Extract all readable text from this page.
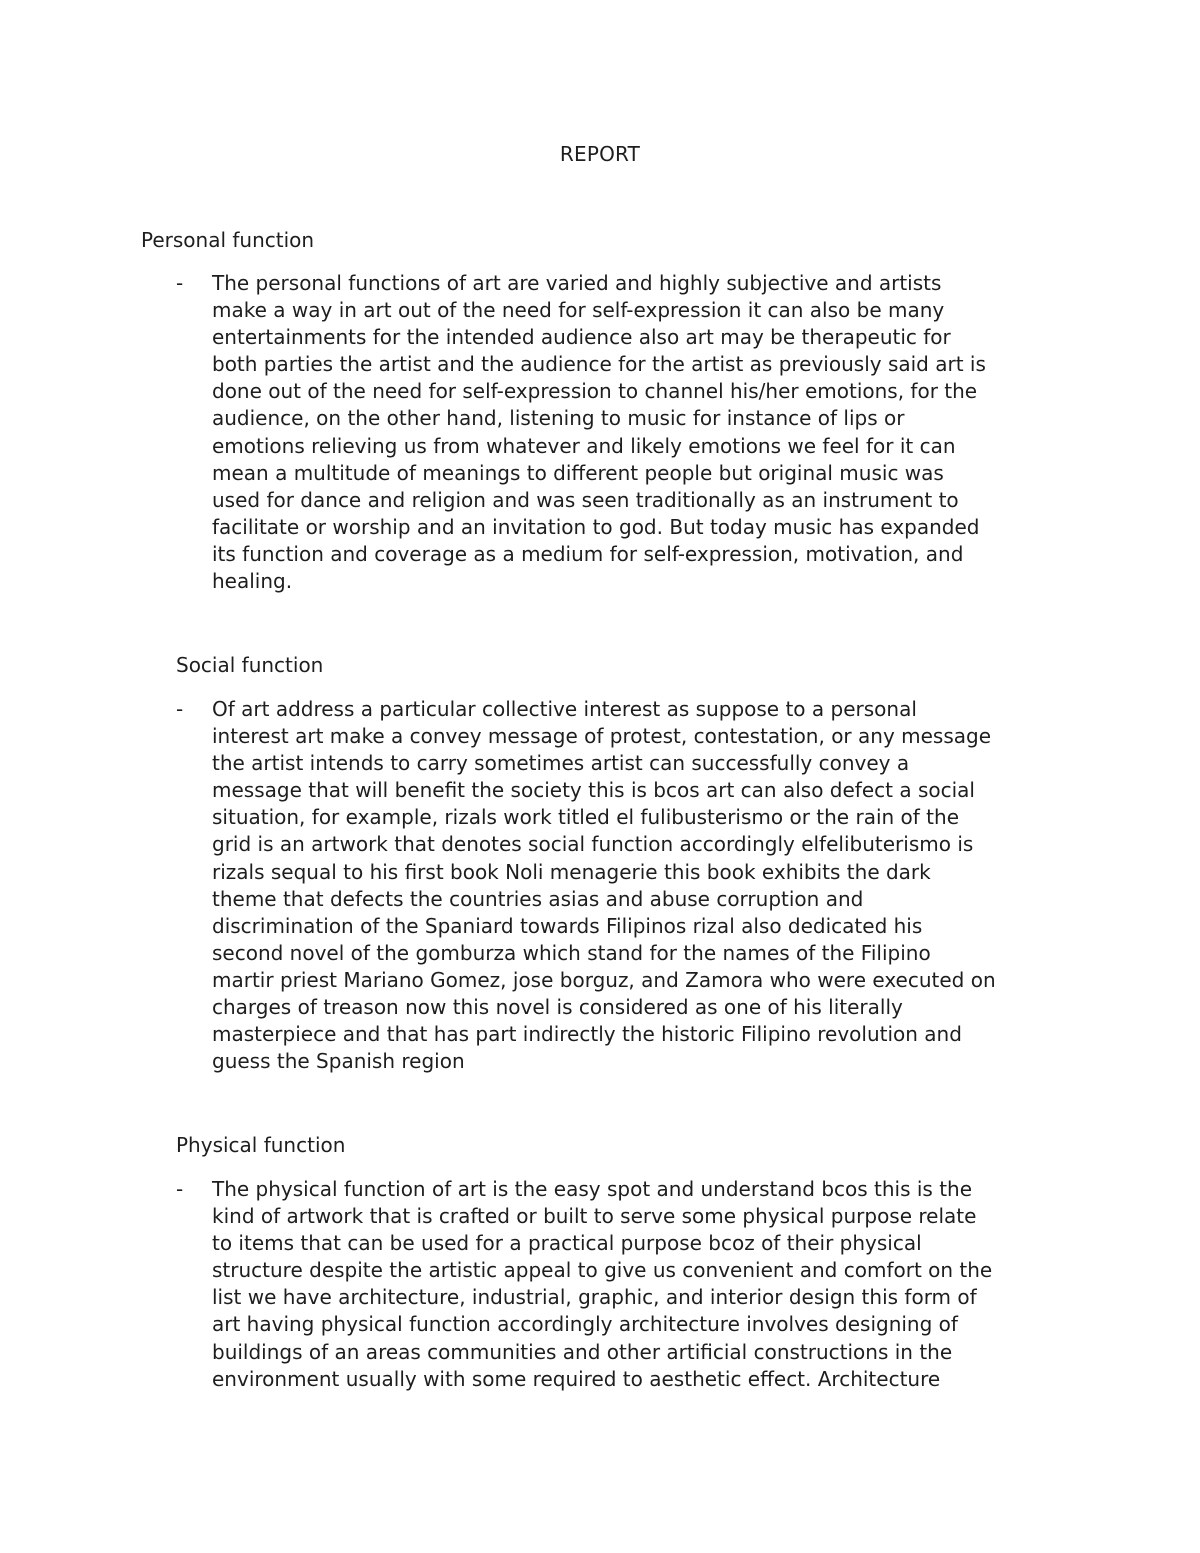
REPORT
Personal function
- The personal functions of art are varied and highly subjective and artists
make a way in art out of the need for self-expression it can also be many
entertainments for the intended audience also art may be therapeutic for
both parties the artist and the audience for the artist as previously said art is
done out of the need for self-expression to channel his/her emotions, for the
audience, on the other hand, listening to music for instance of lips or
emotions relieving us from whatever and likely emotions we feel for it can
mean a multitude of meanings to different people but original music was
used for dance and religion and was seen traditionally as an instrument to
facilitate or worship and an invitation to god. But today music has expanded
its function and coverage as a medium for self-expression, motivation, and
healing.
Social function
- Of art address a particular collective interest as suppose to a personal
interest art make a convey message of protest, contestation, or any message
the artist intends to carry sometimes artist can successfully convey a
message that will benefit the society this is bcos art can also defect a social
situation, for example, rizals work titled el fulibusterismo or the rain of the
grid is an artwork that denotes social function accordingly elfelibuterismo is
rizals sequal to his first book Noli menagerie this book exhibits the dark
theme that defects the countries asias and abuse corruption and
discrimination of the Spaniard towards Filipinos rizal also dedicated his
second novel of the gomburza which stand for the names of the Filipino
martir priest Mariano Gomez, jose borguz, and Zamora who were executed on
charges of treason now this novel is considered as one of his literally
masterpiece and that has part indirectly the historic Filipino revolution and
guess the Spanish region
Physical function
- The physical function of art is the easy spot and understand bcos this is the
kind of artwork that is crafted or built to serve some physical purpose relate
to items that can be used for a practical purpose bcoz of their physical
structure despite the artistic appeal to give us convenient and comfort on the
list we have architecture, industrial, graphic, and interior design this form of
art having physical function accordingly architecture involves designing of
buildings of an areas communities and other artificial constructions in the
environment usually with some required to aesthetic effect. Architecture
